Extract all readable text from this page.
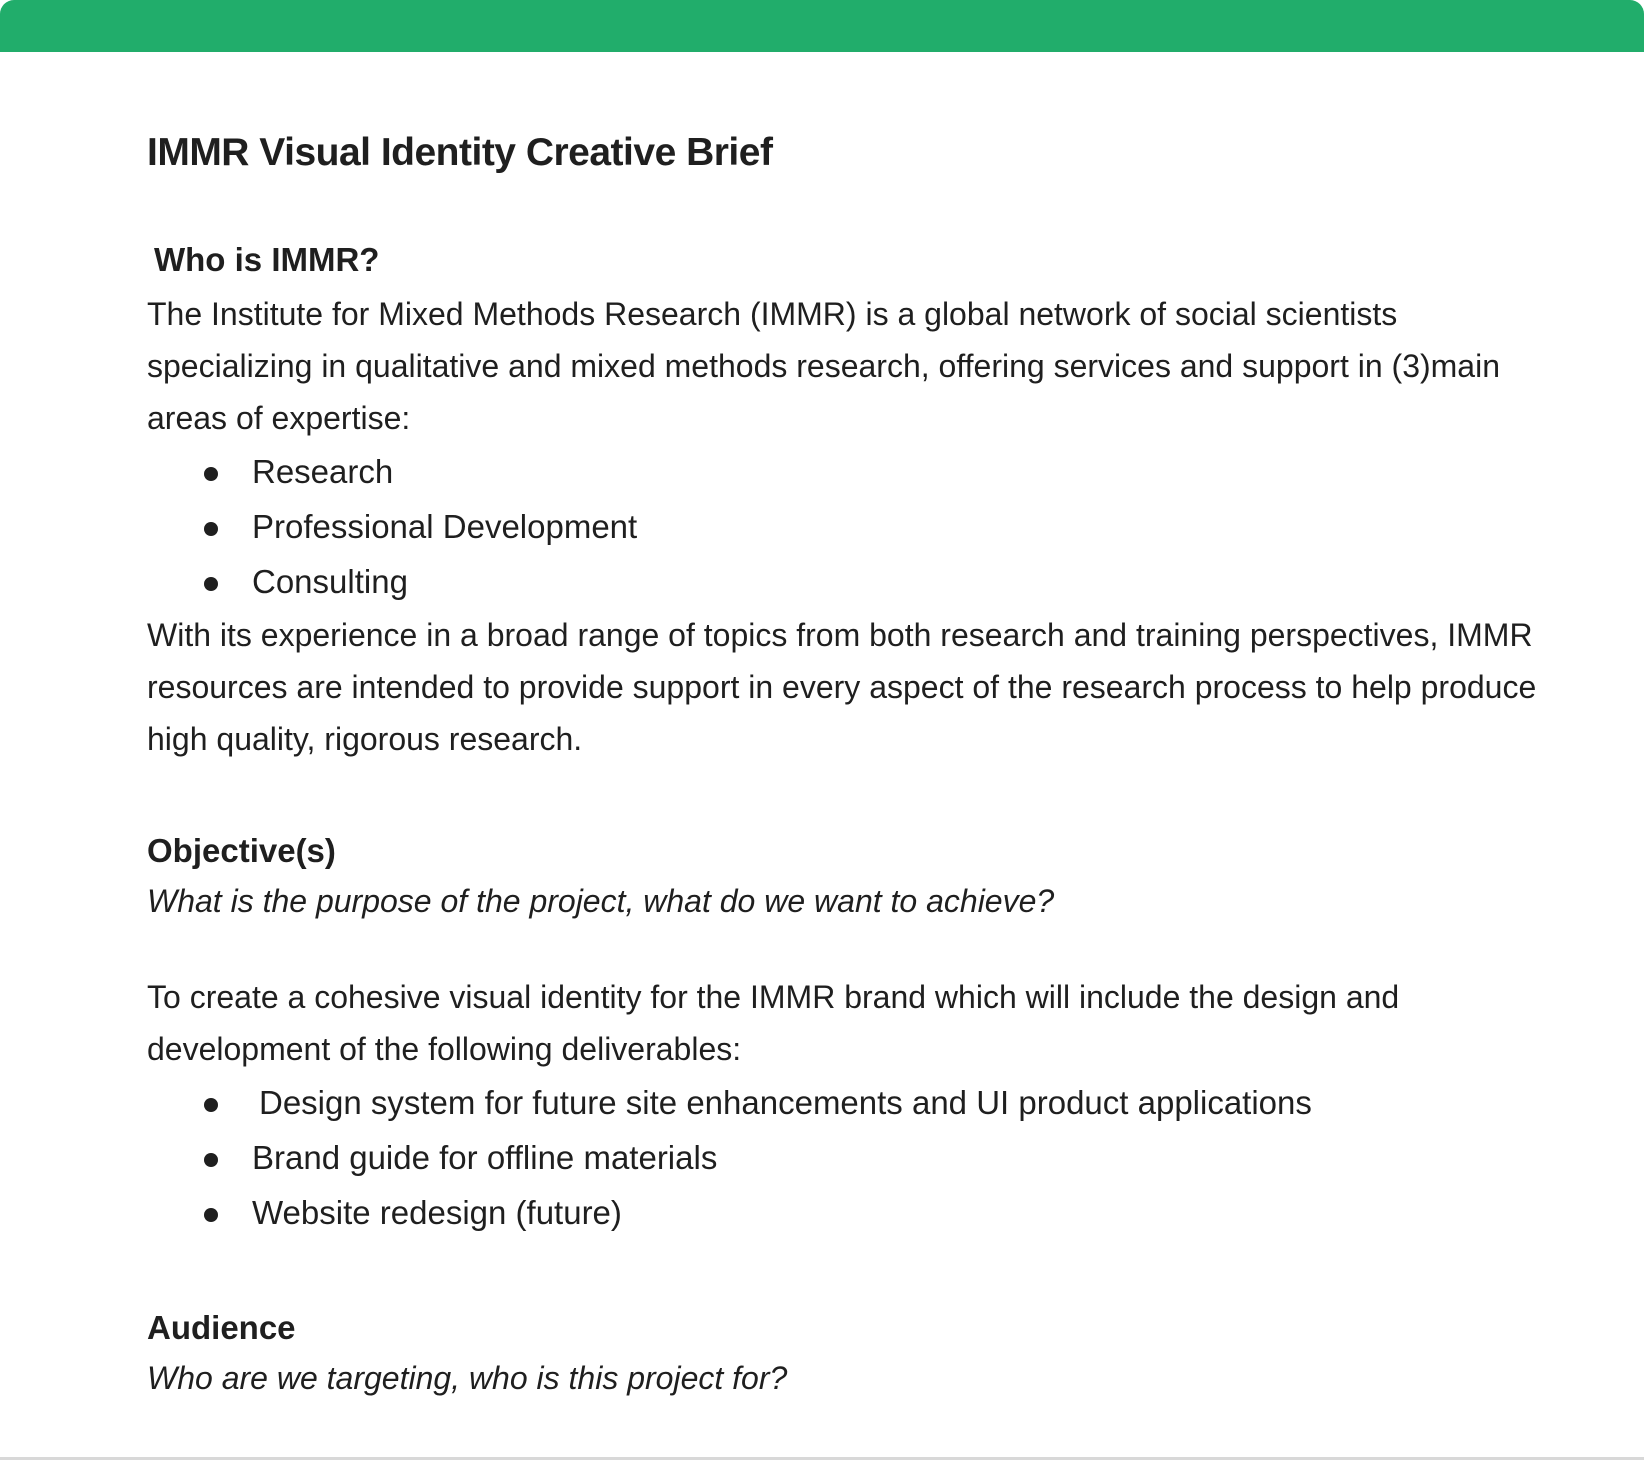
IMMR Visual Identity Creative Brief
Who is IMMR?

The Institute for Mixed Methods Research (IMMR) is a global network of social scientists specializing in qualitative and mixed methods research, offering services and support in (3)main areas of expertise:

Research
Professional Development
Consulting

With its experience in a broad range of topics from both research and training perspectives, IMMR resources are intended to provide support in every aspect of the research process to help produce high quality, rigorous research.

Objective(s)

What is the purpose of the project, what do we want to achieve?

To create a cohesive visual identity for the IMMR brand which will include the design and development of the following deliverables:

Design system for future site enhancements and UI product applications
Brand guide for offline materials
Website redesign (future)
Audience

Who are we targeting, who is this project for?
